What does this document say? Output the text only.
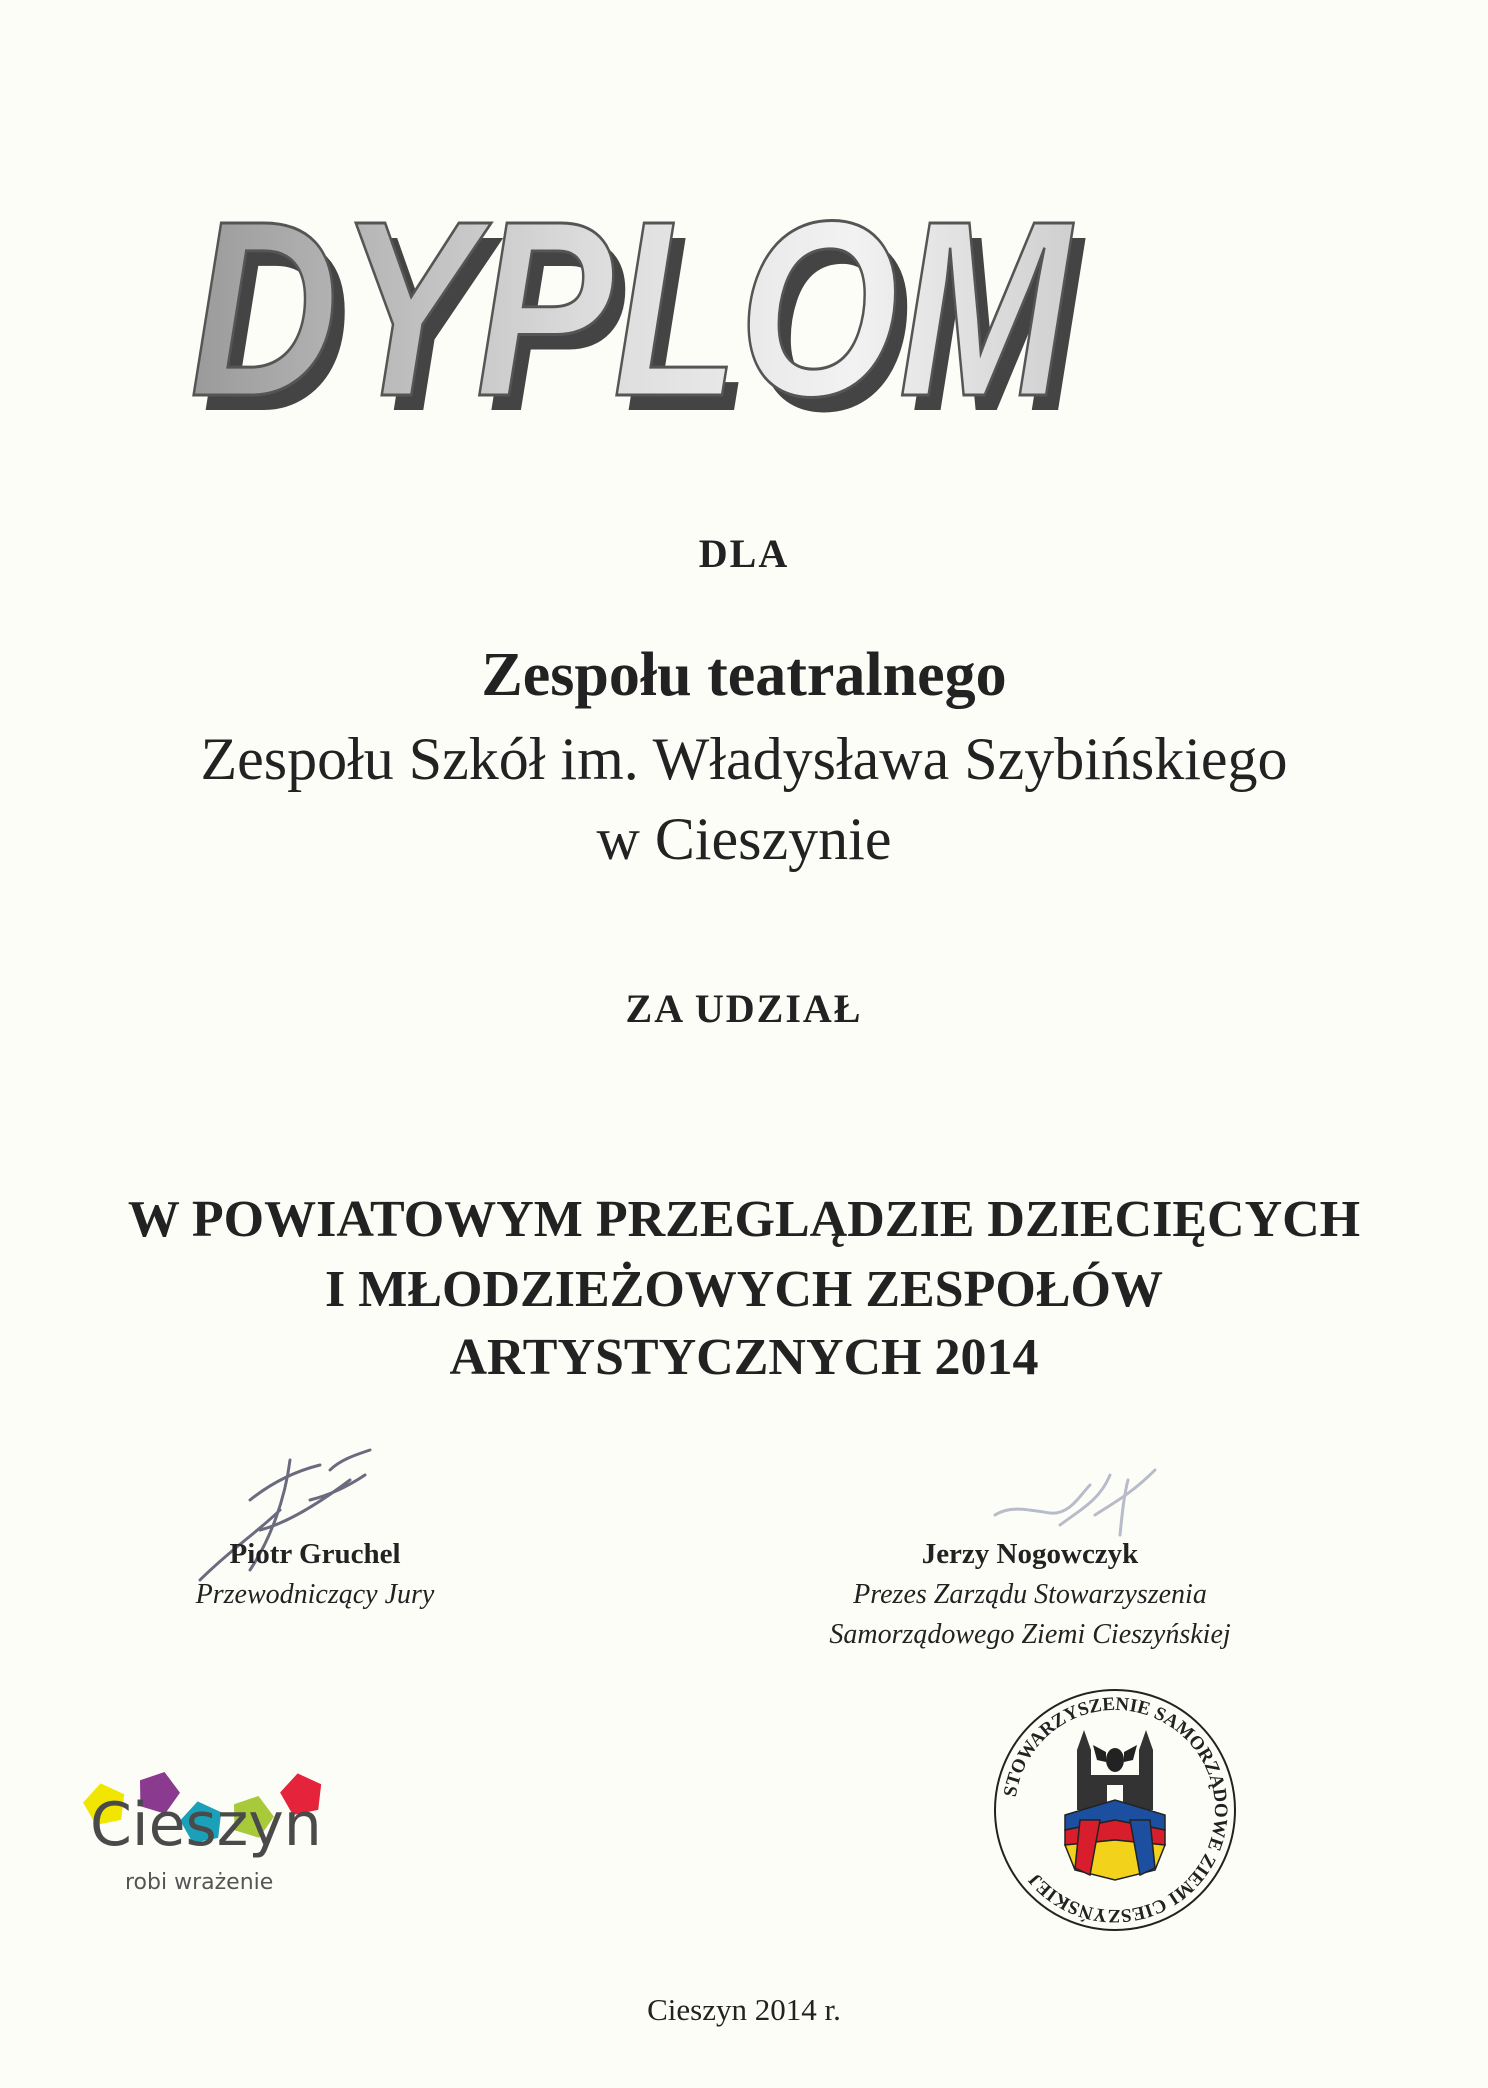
DYPLOM
DYPLOM
DLA
Zespołu teatralnego
Zespołu Szkół im. Władysława Szybińskiego
w Cieszynie
ZA UDZIAŁ
W POWIATOWYM PRZEGLĄDZIE DZIECIĘCYCH
I MŁODZIEŻOWYCH ZESPOŁÓW
ARTYSTYCZNYCH 2014
Piotr Gruchel
Przewodniczący Jury
Jerzy Nogowczyk
Prezes Zarządu Stowarzyszenia
Samorządowego Ziemi Cieszyńskiej
Cieszyn
robi wrażenie
STOWARZYSZENIE SAMORZĄDOWE ZIEMI CIESZYŃSKIEJ
Cieszyn 2014 r.
